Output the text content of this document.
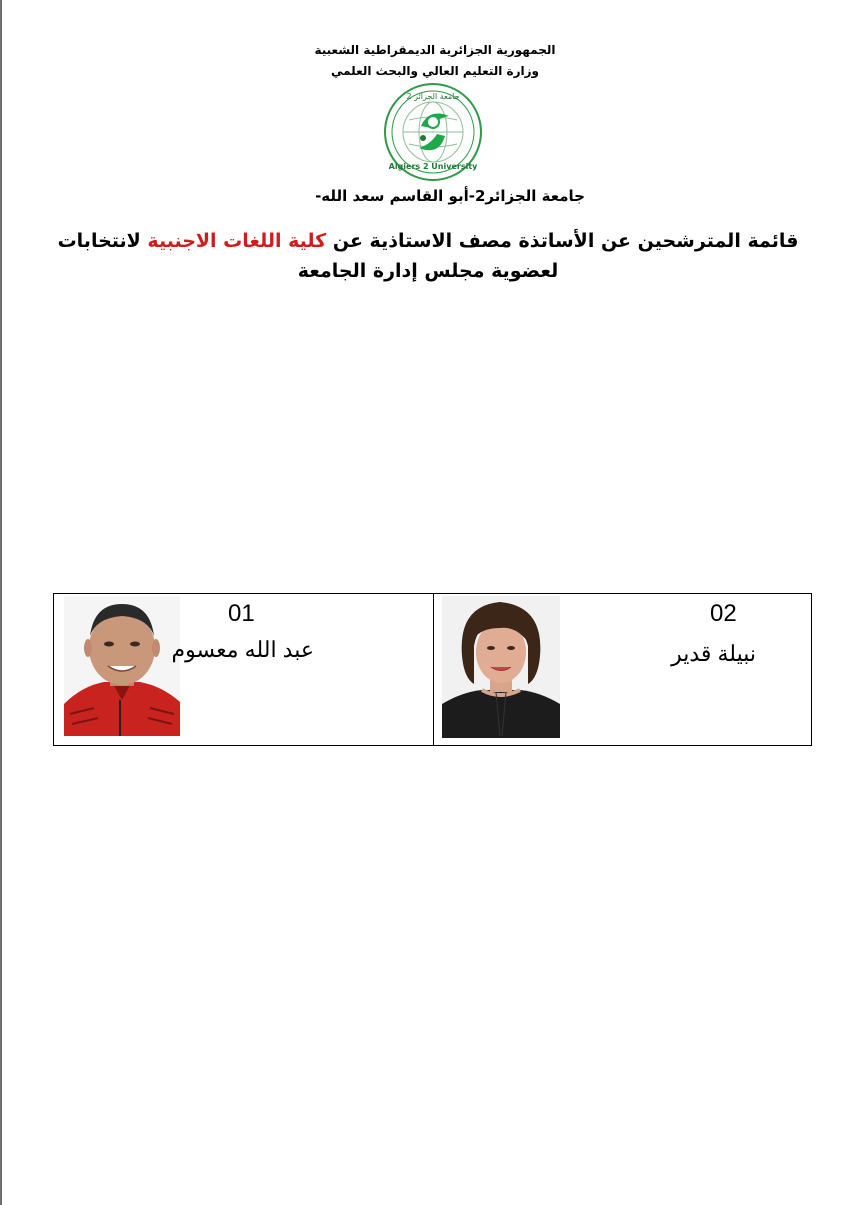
الجمهورية الجزائرية الديمقراطية الشعبية
وزارة التعليم العالي والبحث العلمي
Algiers 2 University
جامعة الجزائر 2
جامعة الجزائر2-أبو القاسم سعد الله-
قائمة المترشحين عن الأساتذة مصف الاستاذية عن كلية اللغات الاجنبية لانتخابات
لعضوية مجلس إدارة الجامعة
01
عبد الله معسوم
02
نبيلة قدير
